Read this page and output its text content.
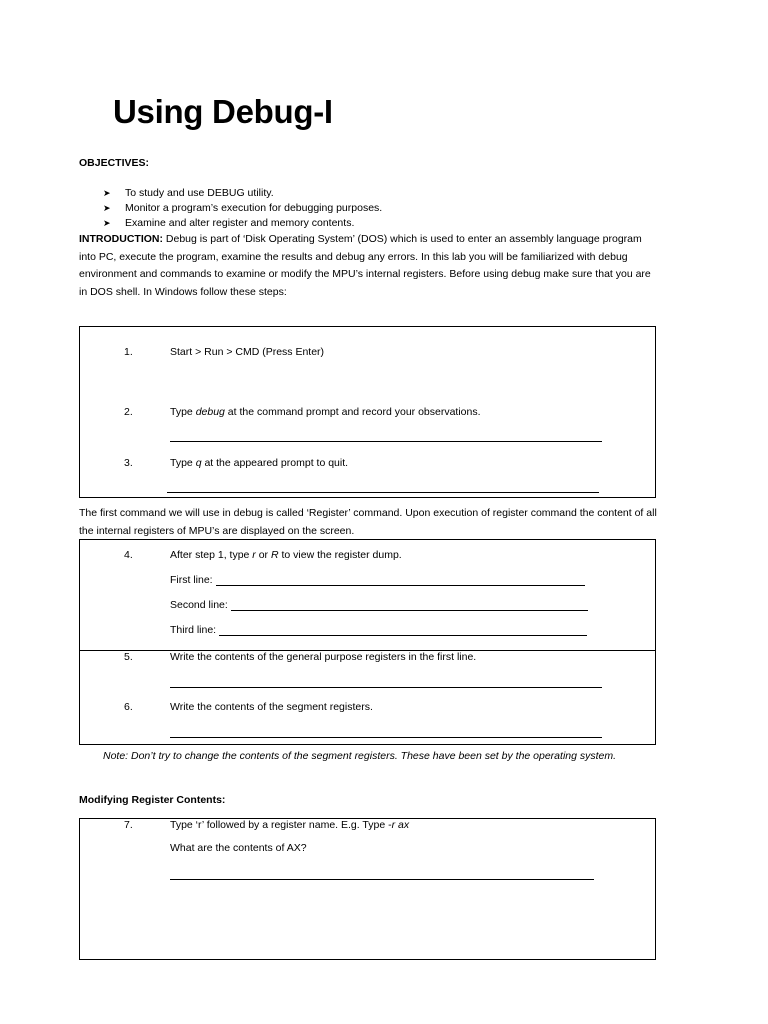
Using Debug-I
OBJECTIVES:
➤	To study and use DEBUG utility.
➤	Monitor a program’s execution for debugging purposes.
➤	Examine and alter register and memory contents.
INTRODUCTION: Debug is part of ‘Disk Operating System’ (DOS) which is used to enter an assembly language program into PC, execute the program, examine the results and debug any errors. In this lab you will be familiarized with debug environment and commands to examine or modify the MPU’s internal registers. Before using debug make sure that you are in DOS shell. In Windows follow these steps:
1.	Start > Run > CMD (Press Enter)
2.	Type debug at the command prompt and record your observations.
3.	Type q at the appeared prompt to quit.
The first command we will use in debug is called ‘Register’ command. Upon execution of register command the content of all the internal registers of MPU’s are displayed on the screen.
4.	After step 1, type r or R to view the register dump.
First line:
Second line:
Third line:
5.	Write the contents of the general purpose registers in the first line.
6.	Write the contents of the segment registers.
Note: Don’t try to change the contents of the segment registers. These have been set by the operating system.
Modifying Register Contents:
7.	Type ‘r’ followed by a register name. E.g. Type -r ax
What are the contents of AX?
